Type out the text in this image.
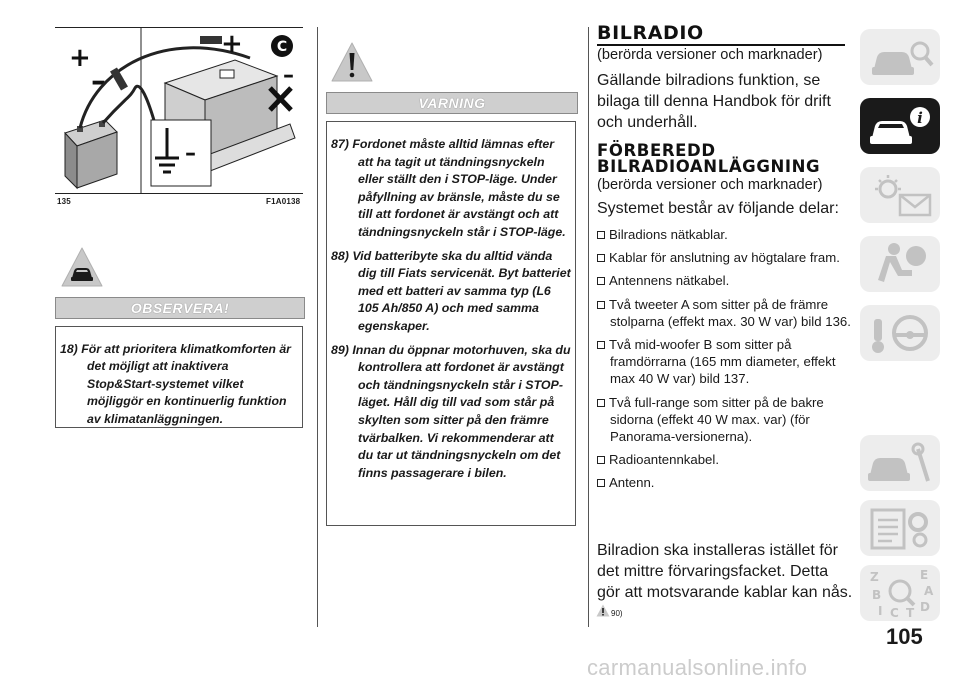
+
–
+ C
–
–
135	F1A0138
OBSERVERA!

18) För att prioritera klimatkomforten är det möjligt att inaktivera Stop&Start-systemet vilket möjliggör en kontinuerlig funktion av klimatanläggningen.

VARNING

87) Fordonet måste alltid lämnas efter att ha tagit ut tändningsnyckeln eller ställt den i STOP-läge. Under påfyllning av bränsle, måste du se till att fordonet är avstängt och att tändningsnyckeln står i STOP-läge.

88) Vid batteribyte ska du alltid vända dig till Fiats servicenät. Byt batteriet med ett batteri av samma typ (L6 105 Ah/850 A) och med samma egenskaper.

89) Innan du öppnar motorhuven, ska du kontrollera att fordonet är avstängt och tändningsnyckeln står i STOP-läget. Håll dig till vad som står på skylten som sitter på den främre tvärbalken. Vi rekommenderar att du tar ut tändningsnyckeln om det finns passagerare i bilen.

BILRADIO
(berörda versioner och marknader)

Gällande bilradions funktion, se bilaga till denna Handbok för drift och underhåll.

FÖRBEREDD
BILRADIOANLÄGGNING
(berörda versioner och marknader)
Systemet består av följande delar:
Bilradions nätkablar.
Kablar för anslutning av högtalare fram.
Antennens nätkabel.
Två tweeter A som sitter på de främre stolparna (effekt max. 30 W var) bild 136.
Två mid-woofer B som sitter på framdörrarna (165 mm diameter, effekt max 40 W var) bild 137.
Två full-range som sitter på de bakre sidorna (effekt 40 W max. var) (för Panorama-versionerna).
Radioantennkabel.
Antenn.

Bilradion ska installeras istället för det mittre förvaringsfacket. Detta gör att motsvarande kablar kan nås.

90)
i
Z	E
A
B
I C T D
105
carmanualsonline.info
